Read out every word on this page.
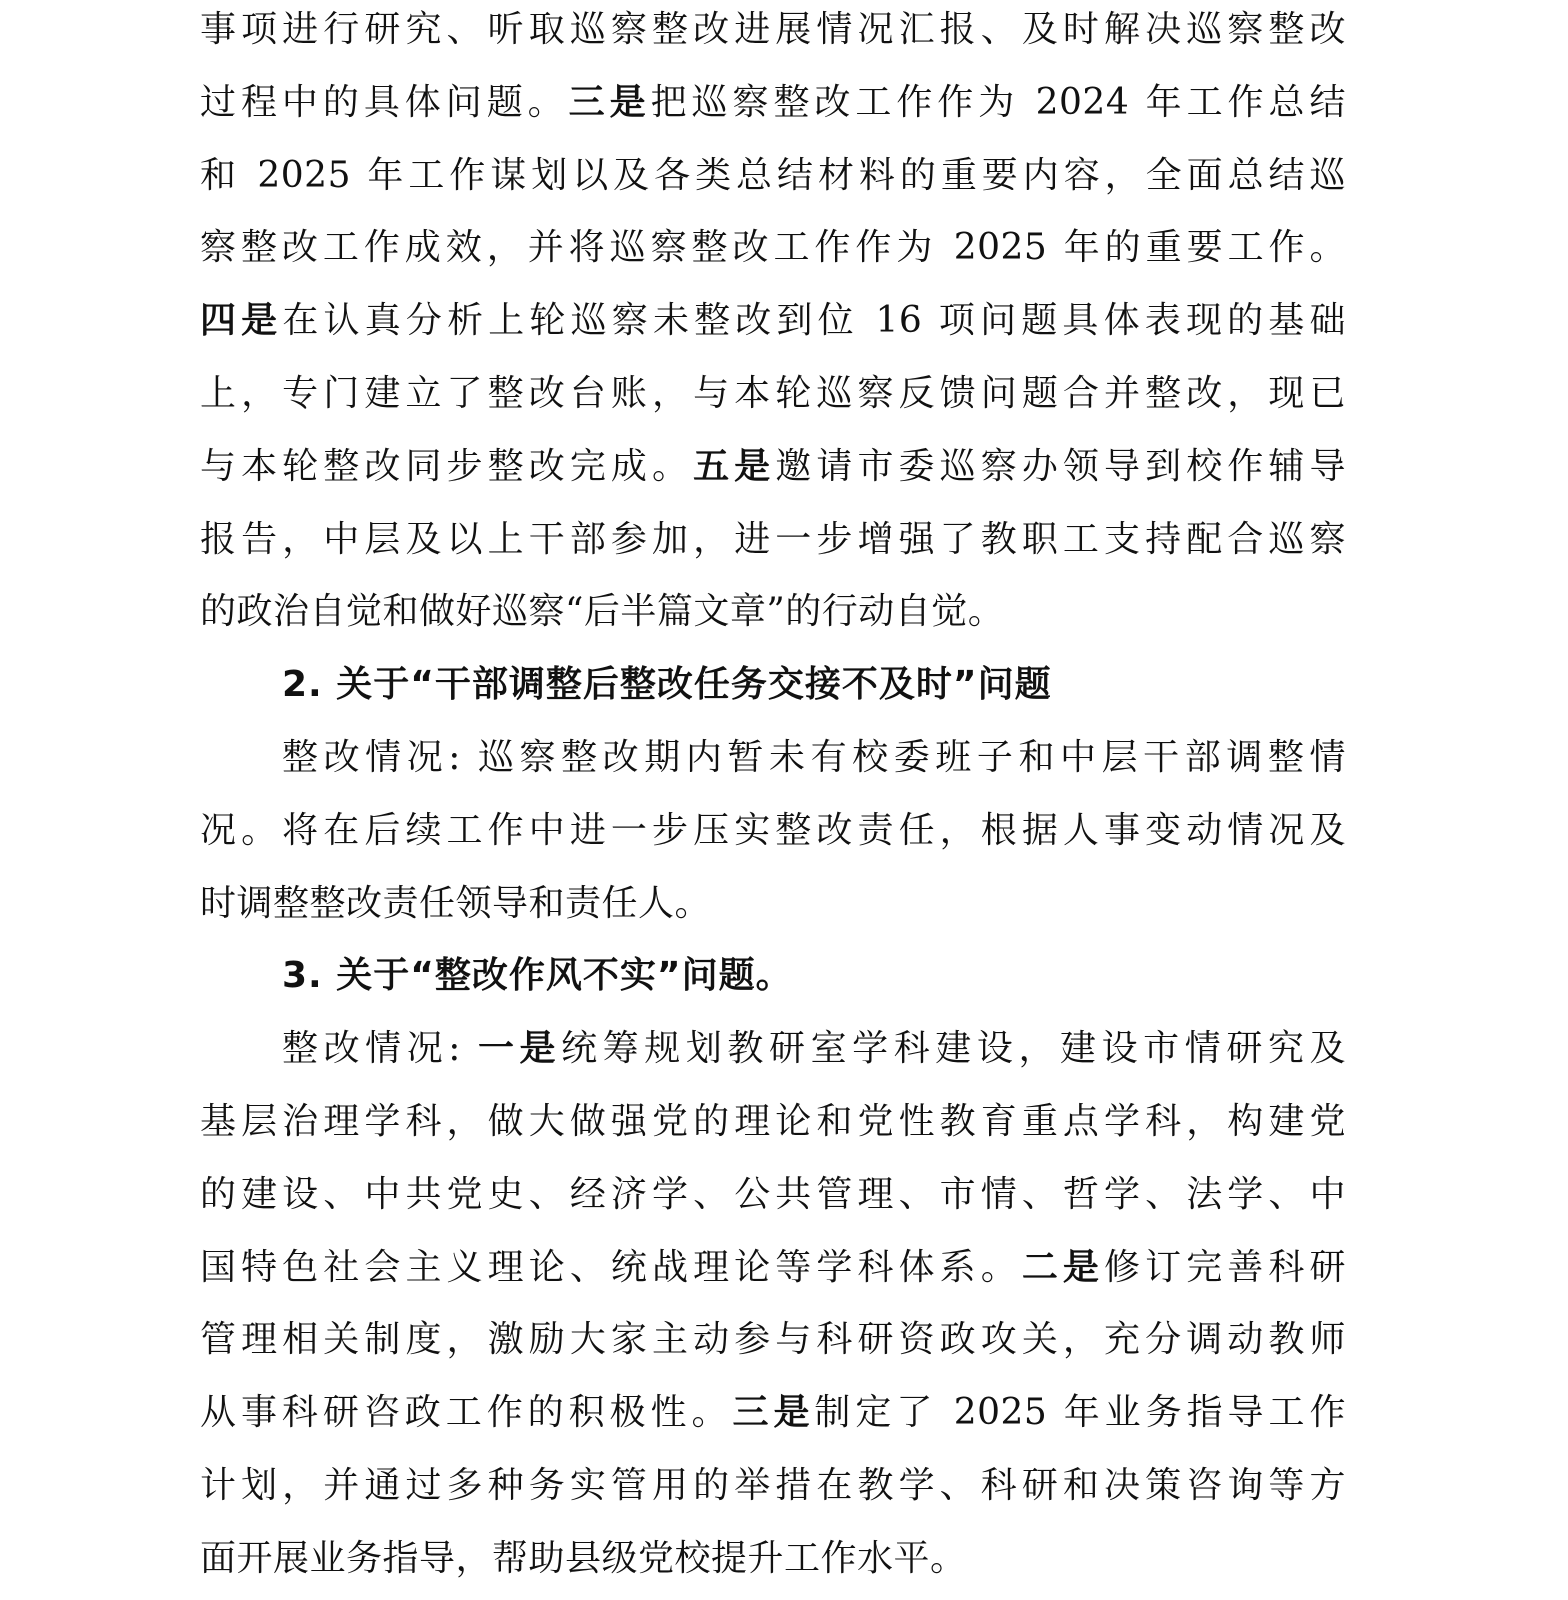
事项进行研究、听取巡察整改进展情况汇报、及时解决巡察整改
过程中的具体问题。三是把巡察整改工作作为 2024 年工作总结
和 2025 年工作谋划以及各类总结材料的重要内容，全面总结巡
察整改工作成效，并将巡察整改工作作为 2025 年的重要工作。
四是在认真分析上轮巡察未整改到位 16 项问题具体表现的基础
上，专门建立了整改台账，与本轮巡察反馈问题合并整改，现已
与本轮整改同步整改完成。五是邀请市委巡察办领导到校作辅导
报告，中层及以上干部参加，进一步增强了教职工支持配合巡察
的政治自觉和做好巡察“后半篇文章”的行动自觉。
2. 关于“干部调整后整改任务交接不及时”问题
整改情况: 巡察整改期内暂未有校委班子和中层干部调整情
况。将在后续工作中进一步压实整改责任，根据人事变动情况及
时调整整改责任领导和责任人。
3. 关于“整改作风不实”问题。
整改情况: 一是统筹规划教研室学科建设，建设市情研究及
基层治理学科，做大做强党的理论和党性教育重点学科，构建党
的建设、中共党史、经济学、公共管理、市情、哲学、法学、中
国特色社会主义理论、统战理论等学科体系。二是修订完善科研
管理相关制度，激励大家主动参与科研资政攻关，充分调动教师
从事科研咨政工作的积极性。三是制定了 2025 年业务指导工作
计划，并通过多种务实管用的举措在教学、科研和决策咨询等方
面开展业务指导，帮助县级党校提升工作水平。
